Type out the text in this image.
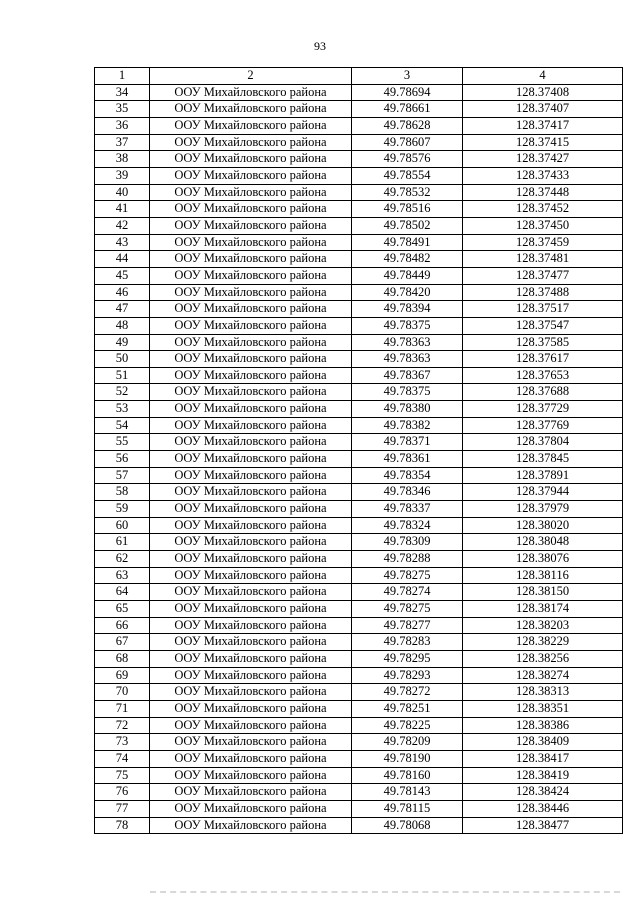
93
1	2	3	4
34	ООУ Михайловского района	49.78694	128.37408
35	ООУ Михайловского района	49.78661	128.37407
36	ООУ Михайловского района	49.78628	128.37417
37	ООУ Михайловского района	49.78607	128.37415
38	ООУ Михайловского района	49.78576	128.37427
39	ООУ Михайловского района	49.78554	128.37433
40	ООУ Михайловского района	49.78532	128.37448
41	ООУ Михайловского района	49.78516	128.37452
42	ООУ Михайловского района	49.78502	128.37450
43	ООУ Михайловского района	49.78491	128.37459
44	ООУ Михайловского района	49.78482	128.37481
45	ООУ Михайловского района	49.78449	128.37477
46	ООУ Михайловского района	49.78420	128.37488
47	ООУ Михайловского района	49.78394	128.37517
48	ООУ Михайловского района	49.78375	128.37547
49	ООУ Михайловского района	49.78363	128.37585
50	ООУ Михайловского района	49.78363	128.37617
51	ООУ Михайловского района	49.78367	128.37653
52	ООУ Михайловского района	49.78375	128.37688
53	ООУ Михайловского района	49.78380	128.37729
54	ООУ Михайловского района	49.78382	128.37769
55	ООУ Михайловского района	49.78371	128.37804
56	ООУ Михайловского района	49.78361	128.37845
57	ООУ Михайловского района	49.78354	128.37891
58	ООУ Михайловского района	49.78346	128.37944
59	ООУ Михайловского района	49.78337	128.37979
60	ООУ Михайловского района	49.78324	128.38020
61	ООУ Михайловского района	49.78309	128.38048
62	ООУ Михайловского района	49.78288	128.38076
63	ООУ Михайловского района	49.78275	128.38116
64	ООУ Михайловского района	49.78274	128.38150
65	ООУ Михайловского района	49.78275	128.38174
66	ООУ Михайловского района	49.78277	128.38203
67	ООУ Михайловского района	49.78283	128.38229
68	ООУ Михайловского района	49.78295	128.38256
69	ООУ Михайловского района	49.78293	128.38274
70	ООУ Михайловского района	49.78272	128.38313
71	ООУ Михайловского района	49.78251	128.38351
72	ООУ Михайловского района	49.78225	128.38386
73	ООУ Михайловского района	49.78209	128.38409
74	ООУ Михайловского района	49.78190	128.38417
75	ООУ Михайловского района	49.78160	128.38419
76	ООУ Михайловского района	49.78143	128.38424
77	ООУ Михайловского района	49.78115	128.38446
78	ООУ Михайловского района	49.78068	128.38477
